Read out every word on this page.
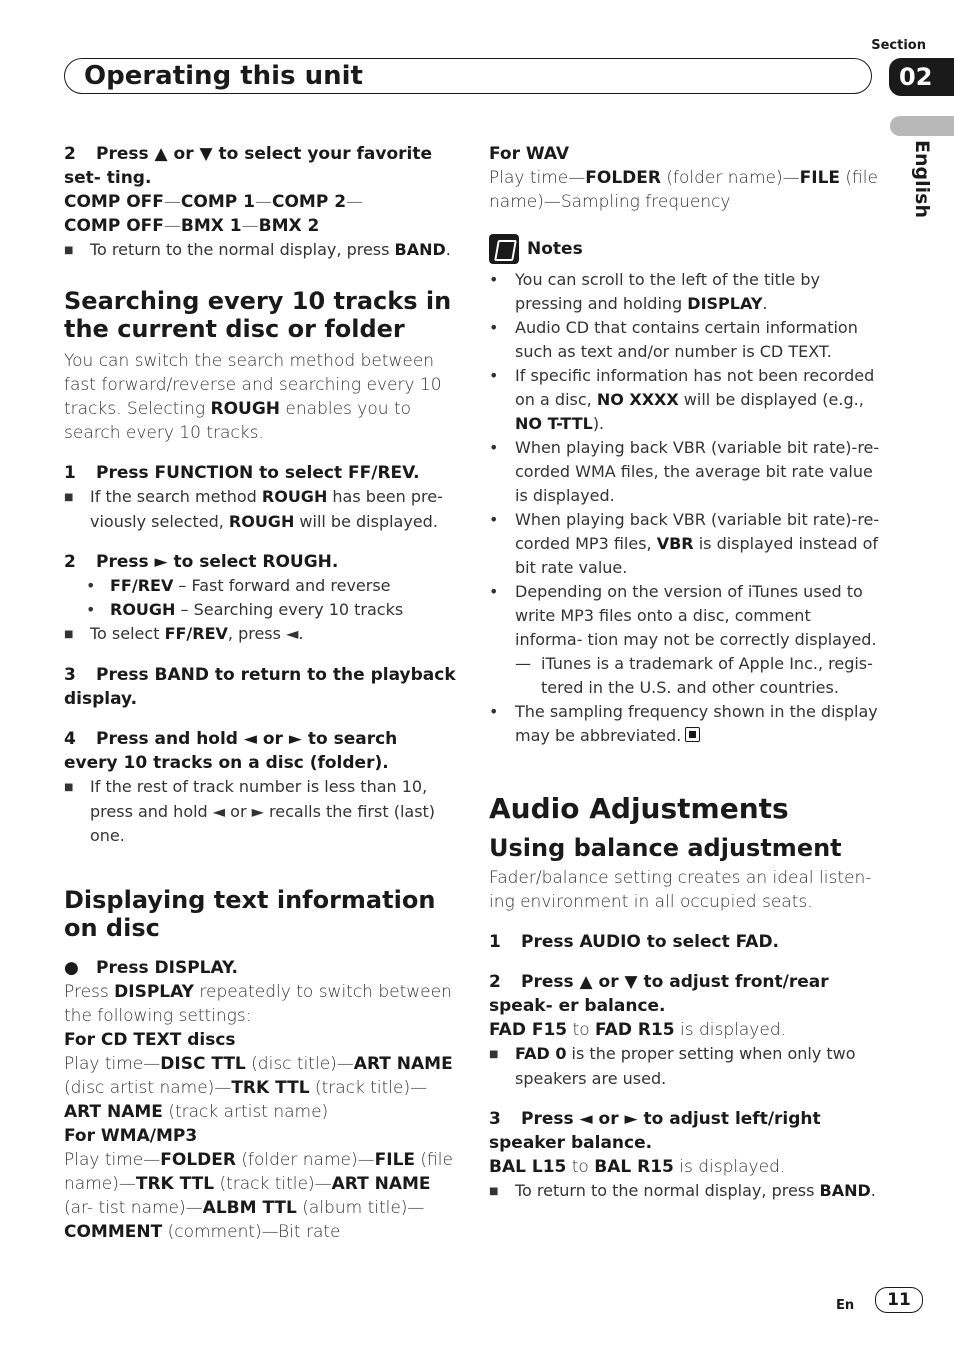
Section
Operating this unit	02
English

2 Press ▲ or ▼ to select your favorite set- ting.

COMP OFF—COMP 1—COMP 2—

COMP OFF—BMX 1—BMX 2

■ To return to the normal display, press BAND.

Searching every 10 tracks in the current disc or folder

You can switch the search method between fast forward/reverse and searching every 10 tracks. Selecting ROUGH enables you to search every 10 tracks.

1 Press FUNCTION to select FF/REV.

■ If the search method ROUGH has been pre- viously selected, ROUGH will be displayed.

2 Press ► to select ROUGH.

• FF/REV – Fast forward and reverse

• ROUGH – Searching every 10 tracks

■ To select FF/REV, press ◄.

3 Press BAND to return to the playback display.

4 Press and hold ◄ or ► to search every 10 tracks on a disc (folder).

■ If the rest of track number is less than 10, press and hold ◄ or ► recalls the first (last) one.

Displaying text information on disc

● Press DISPLAY.

Press DISPLAY repeatedly to switch between the following settings:

For CD TEXT discs

Play time—DISC TTL (disc title)—ART NAME (disc artist name)—TRK TTL (track title)— ART NAME (track artist name)

For WMA/MP3

Play time—FOLDER (folder name)—FILE (file name)—TRK TTL (track title)—ART NAME (ar- tist name)—ALBM TTL (album title)— COMMENT (comment)—Bit rate

For WAV

Play time—FOLDER (folder name)—FILE (file name)—Sampling frequency

Notes

• You can scroll to the left of the title by pressing and holding DISPLAY.

• Audio CD that contains certain information such as text and/or number is CD TEXT.

• If specific information has not been recorded on a disc, NO XXXX will be displayed (e.g., NO T-TTL).

• When playing back VBR (variable bit rate)-re- corded WMA files, the average bit rate value is displayed.

• When playing back VBR (variable bit rate)-re- corded MP3 files, VBR is displayed instead of bit rate value.

• Depending on the version of iTunes used to write MP3 files onto a disc, comment informa- tion may not be correctly displayed.

— iTunes is a trademark of Apple Inc., regis- tered in the U.S. and other countries.

• The sampling frequency shown in the display may be abbreviated.

Audio Adjustments

Using balance adjustment

Fader/balance setting creates an ideal listen- ing environment in all occupied seats.

1 Press AUDIO to select FAD.

2 Press ▲ or ▼ to adjust front/rear speak- er balance.

FAD F15 to FAD R15 is displayed.

■ FAD 0 is the proper setting when only two speakers are used.

3 Press ◄ or ► to adjust left/right speaker balance.

BAL L15 to BAL R15 is displayed.

■ To return to the normal display, press BAND.

En	11
